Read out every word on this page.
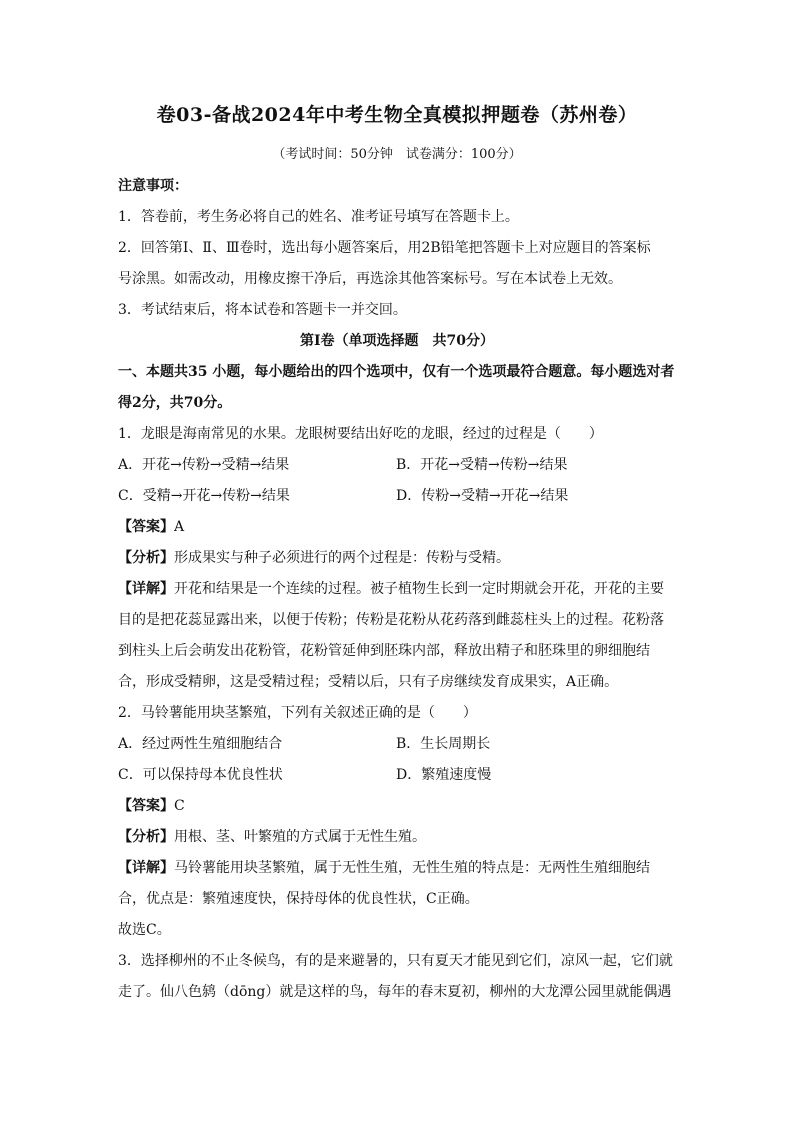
卷03-备战2024年中考生物全真模拟押题卷（苏州卷）
（考试时间：50分钟　试卷满分：100分）
注意事项：
1．答卷前，考生务必将自己的姓名、准考证号填写在答题卡上。
2．回答第Ⅰ、Ⅱ、Ⅲ卷时，选出每小题答案后，用2B铅笔把答题卡上对应题目的答案标
号涂黑。如需改动，用橡皮擦干净后，再选涂其他答案标号。写在本试卷上无效。
3．考试结束后，将本试卷和答题卡一并交回。
第Ⅰ卷（单项选择题　共70分）
一、本题共35 小题，每小题给出的四个选项中，仅有一个选项最符合题意。每小题选对者
得2分，共70分。
1．龙眼是海南常见的水果。龙眼树要结出好吃的龙眼，经过的过程是（　　）
A．开花→传粉→受精→结果	B．开花→受精→传粉→结果
C．受精→开花→传粉→结果	D．传粉→受精→开花→结果
【答案】A
【分析】形成果实与种子必须进行的两个过程是：传粉与受精。
【详解】开花和结果是一个连续的过程。被子植物生长到一定时期就会开花，开花的主要
目的是把花蕊显露出来，以便于传粉；传粉是花粉从花药落到雌蕊柱头上的过程。花粉落
到柱头上后会萌发出花粉管，花粉管延伸到胚珠内部，释放出精子和胚珠里的卵细胞结
合，形成受精卵，这是受精过程；受精以后，只有子房继续发育成果实，A正确。
2．马铃薯能用块茎繁殖，下列有关叙述正确的是（　　）
A．经过两性生殖细胞结合	B．生长周期长
C．可以保持母本优良性状	D．繁殖速度慢
【答案】C
【分析】用根、茎、叶繁殖的方式属于无性生殖。
【详解】马铃薯能用块茎繁殖，属于无性生殖，无性生殖的特点是：无两性生殖细胞结
合，优点是：繁殖速度快，保持母体的优良性状，C正确。
故选C。
3．选择柳州的不止冬候鸟，有的是来避暑的，只有夏天才能见到它们，凉风一起，它们就
走了。仙八色鸫（dōng）就是这样的鸟，每年的春末夏初，柳州的大龙潭公园里就能偶遇
